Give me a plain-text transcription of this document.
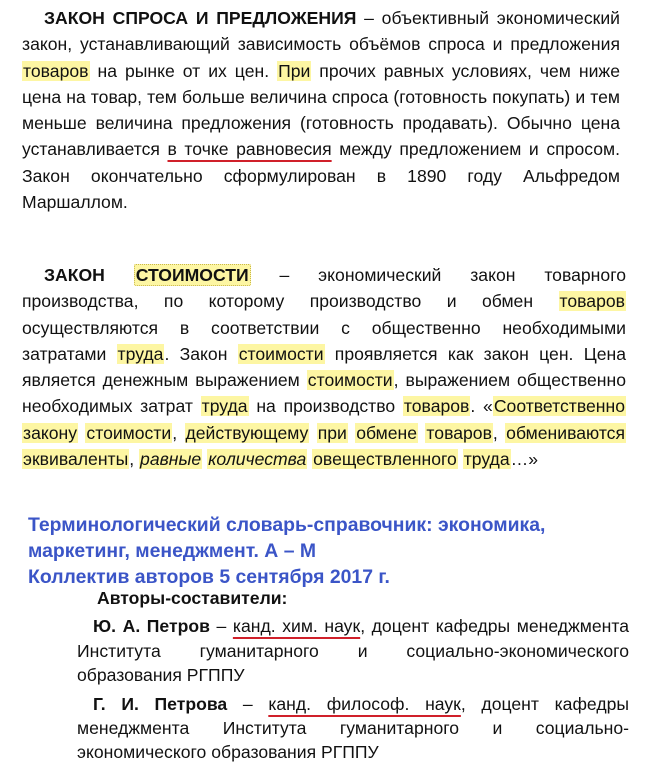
ЗАКОН СПРОСА И ПРЕДЛОЖЕНИЯ – объективный экономический закон, устанавливающий зависимость объёмов спроса и предложения товаров на рынке от их цен. При прочих равных условиях, чем ниже цена на товар, тем больше величина спроса (готовность покупать) и тем меньше величина предложения (готовность продавать). Обычно цена устанавливается в точке равновесия между предложением и спросом. Закон окончательно сформулирован в 1890 году Альфредом Маршаллом.

ЗАКОН СТОИМОСТИ – экономический закон товарного производства, по которому производство и обмен товаров осуществляются в соответствии с общественно необходимыми затратами труда. Закон стоимости проявляется как закон цен. Цена является денежным выражением стоимости, выражением общественно необходимых затрат труда на производство товаров. «Соответственно закону стоимости, действующему при обмене товаров, обмениваются эквиваленты, равные количества овеществленного труда…»

Терминологический словарь-справочник: экономика,
маркетинг, менеджмент. А – М
Коллектив авторов 5 сентября 2017 г.
Авторы-составители:

Ю. А. Петров – канд. хим. наук, доцент кафедры менеджмента Института гуманитарного и социально-экономического образования РГППУ

Г. И. Петрова – канд. философ. наук, доцент кафедры менеджмента Института гуманитарного и социально-экономического образования РГППУ
